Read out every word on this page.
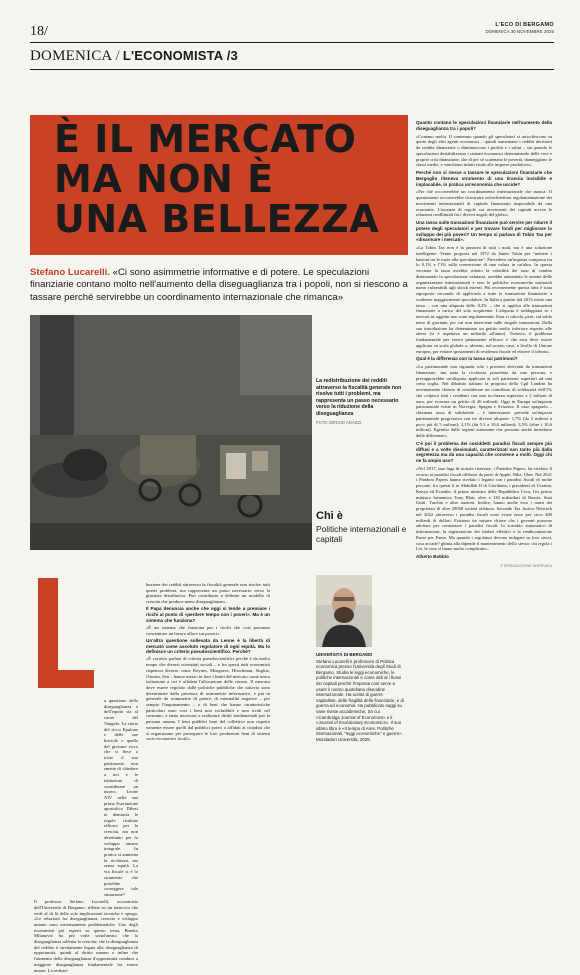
18/	L'ECO DI BERGAMO
DOMENICA 30 NOVEMBRE 2025
DOMENICA / L'ECONOMISTA /3
È IL MERCATO
MA NON È
UNA BELLEZZA
Stefano Lucarelli. «Ci sono asimmetrie informative e di potere. Le speculazioni finanziarie contano molto nell'aumento della diseguaglianza tra i popoli, non si riescono a tassare perché servirebbe un coordinamento internazionale che rimanca»
La redistribuzione dei redditi attraverso la fiscalità generale non risolve tutti i problemi, ma rappresenta un passo necessario verso la riduzione della diseguaglianza
FOTO SERGIO AGAZZI

Quanto contano le speculazioni finanziarie nell'aumento della diseguaglianza tra i popoli?

«Contano molto. Il contenuto quando gli speculatori si arricchiscono su quote degli altri agenti economici – quindi aumentano i redditi derivanti da rendite finanziarie o diminuiscono i profitti e i salari – sia quando le speculazioni destabilizzano i sistemi economici determinando delle vere e proprie crisi finanziarie, che di per sé scatenano le povertà, danneggiano le classi medie, e vanchiono infatti vitale alle imprese produttive».

Perché non si riesce a tassare le speculazioni finanziarie che Bergoglio riteneva strumento di una tirannia invisibile e implacabile, in pratica un'economia che uccide?

«Per ché occorrerebbe un coordinamento internazionale che manca. O quantomeno occorrerebbe ricostruire un'architettura regolamentazione dei movimenti internazionali di capitale finanziario impossibile da una economie. L'assenza di regole sui movimenti dei capitali accrea le relazioni conflittuali fra i diversi angoli del globo».

Una tassa sulle transazioni finanziarie può servire per ridurre il potere degli speculatori e per trovare fondi per migliorare lo sviluppo dei più poveri? Un tempo si parlava di Tobin Tax per «disarmare i mercati».

«La Tobin Tax non è la panacea di tutti i mali, ma è una soluzione intelligente. Venne proposta nel 1972 da James Tobin per "mettere i bastoni tra le ruote alla speculazione". Prevedeva un'imposta compresa tra lo 0,1% e l'1% sulla conversione di una valuta in un'altra. In questa versione la tassa avrebbe ridotto la volatilità dei tassi di cambio diminuendo la speculazione valutaria, avrebbe aumentato le entrate delle organizzazioni internazionali e reso le politiche economiche nazionali meno vulnerabili agli shock esterni. Più recentemente questa idea è stata riproposta cercando di applicarla a tutte le transazioni finanziarie a scadenze maggiormente speculative. In Italia a partire dal 2013 esiste una tassa – con una aliquota dello 0,2% – che si applica alle transazioni finanziarie a carico del solo acquirente. L'aliquota è raddoppiata se i mercati in oggetto non sono regolamentati. Essa si calcola, però, sul saldo netto di giornata, per cui non interviene sulle singole transazioni. Dalla sua introduzione ha determinato un gettito molto inferiore rispetto alle attese (si è aspettava un miliardo all'anno). Tuttavia, il problema fondamentale per essere pienamente efficace è che essa deve essere applicata su scala globale o, almeno, nel nostro caso, a livello di Unione europea, per evitare spostamenti di residenza fiscale ed elusive il tributo».

Qual è la differenza con la tassa sui patrimoni?

«La patrimoniale non riguarda solo i proventi derivanti da transazioni finanziarie, ma tutta la ricchezza posseduta da una persona, e presupporrebbe un'aliquota applicata ai soli patrimoni superiori ad una certa soglia. Nel dibattito italiano la proposta della Cgil Landini ha recentemente chiesto di considerare un contributo di solidarietà dell'1% che colpisce tutti i residenti con una ricchezza superiore a 2 milioni di euro, per ricavare un gettito di 26 miliardi. Oggi in Europa un'imposta patrimoniale esiste in Norvegia, Spagna e Svizzera. Il caso spagnolo – chiamata tassa di solidarietà – è interessante: prevede un'imposta patrimoniale progressiva con tre diverse aliquote: 1,7% (da 3 milioni a poco più di 5 milioni); 2,1% (da 5,3 a 10,6 milioni); 3,5% (oltre i 10,6 milioni). Egentito dalle regioni autonome che possono anche introdurre delle differenze».

C'è poi il problema dei cosiddetti paradisi fiscali sempre più diffusi e a volte dissimulati, caratterizzati non tanto più dalla segretezza ma da una capacità che conviene a molti. Oggi chi ne fa ampio uso?

«Nel 2017, una fuga di notizie riservate, i Paradise Papers, ha rivelato il ricorso ai paradisi fiscali offshore da parte di Apple, Nike, Uber. Nel 2021 i Pandora Papers hanno rivelato i legami con i paradisi fiscali di molte persone, fra questi il re Abdullah II di Giordania, i presidenti di Ucraina, Kenya ed Ecuador, il primo ministro della Repubblica Ceca, l'ex primo ministro britannico Tony Blair, oltre a 130 miliardari di Russia, Stati Uniti, Turchia e altre nazioni. Inoltre, hanno anche esso i nomi dei proprietari di oltre 29000 società offshore. Secondo Tax Justice Network nel 2022 attraverso i paradisi fiscali sono evase tasse per circa 480 miliardi di dollari. Esistono tre misure chiave che i governi possono adottare per contrastare i paradisi fiscali: lo scambio automatico di informazioni, la registrazione dei titolari effettivi e la rendicontazione Paese per Paese. Ma quando i regolatori devono indagare su loro stessi, cosa accade? ghinia alla dipende il mantenimento dello stesso: chi regola i Lei, le cose si fanno molto complicate».

Alberto Bobbio

© RIPRODUZIONE RISERVATA

a questione della diseguaglianza e dell'equità sta al cuore del Vangelo. La storia del ricco Epulone e delle sue briciole e quella del giovane ricco che si fiece a triste il suo patrimonio non smette di chiedere a noi e le istituzioni di considerare un nuovo, Leone XIV nella sua prima Esortazione apostolica Dilexi te denuncia le regole risultate efficaci per la crescita, ma non altrettanto per lo sviluppo umano integrale. In pratica si aumenta la ricchezza, ma senza equità. La via fiscale si è lo strumento che potrebbe correggere tale situazione?

Il professor Stefano Lucarelli, economista dell'Università di Bergamo, riflette su un intreccio che vede al di là delle sole implicazioni tecniche e spiega: «Le relazioni fra diseguaglianza, crescita e sviluppo umano sono estremamente problematiche. Uno degli economisti più esperti su questo tema, Branko Milanović ha più volte sottolineato che la diseguaglianza rallenta la crescita; che la diseguaglianza del reddito è strettamente legata alla diseguaglianza di opportunità, quindi al diritto umano e infine che l'aumento della diseguaglianza d'opportunità conduce a maggiore disuguaglianza fondamentale fra essere umani. La redistri-

buzione dei redditi attraverso la fiscalità generale non risolve tutti questi problemi, ma rappresenta un passo necessario verso la giustizia distributiva. Può contribuire a definire un modello di crescita che produce meno diseguaglianze».

Il Papa denuncia anche che oggi si tende a premiare i ricchi al posto di «perdere tempo con i poveri». Ma è un sistema che funziona?

«È un sistema che funziona per i ricchi che così potranno concentrare un lavoro allore sui poveri».

Un'altra questione sollevata da Leone è la libertà di mercato come assoluto regolatore di ogni equità. Ma lo definisce un criterio pseudoscientifico. Perché?

«È corretto parlare di criteria pseudoscientifici perché è da molto tempo che diversi scienziati sociali – e fra questi tutti economisti rispettosi diverse come Keynes, Musgrave, Hirschman, Stiglitz, Ostrom, Sen – hanno messo in luce i limiti del mercato come unica istituzione a cui è affidata l'allocazione delle risorse. Il mercato deve essere regolato dalle politiche pubbliche che tuttavia sono determinate dalla presenza di asimmetrie informative, e più in generale da asimmetrie di potere, di esternalità negative – per sempio l'inquinamento – o di beni che hanno caratteristiche particolari sono così i beni non escludibili e non rivali nel consumo, e tanto necessari a realizzare diritti fondamentali per la persona umana. I beni pubblici beni del collettivo non rispetto vamente essere quelli dal pubblici poteri o affidati ai cittadini che si organizzano per proseguire le loro produzioni beni di sistemi socio-economici locali».

Chi è
Politiche internazionali e capitali
UNIVERSITÀ DI BERGAMO
Stefano Lucarelli è professore di Politica economica presso l'Università degli Studi di Bergamo. Studia le leggi economiche, le politiche internazionali e come aldi al i flussi dei capitali perché l'impresa così serve a usare il nostro quotidiano diseodine internazionale. Ha scritto di guerre capitaliste, delle fragilità della finanziarie, e di guerra ed economia. Ha pubblicato saggi su varie riviste accademiche, tra cui «Cambridge Journal of Economics» e il «Journal of Evolutionary Economics». Il suo ultimo libro è «Il tempo di Ares. Politiche internazionali, "leggi economiche" e guerre». Mondadori Università, 2025.
